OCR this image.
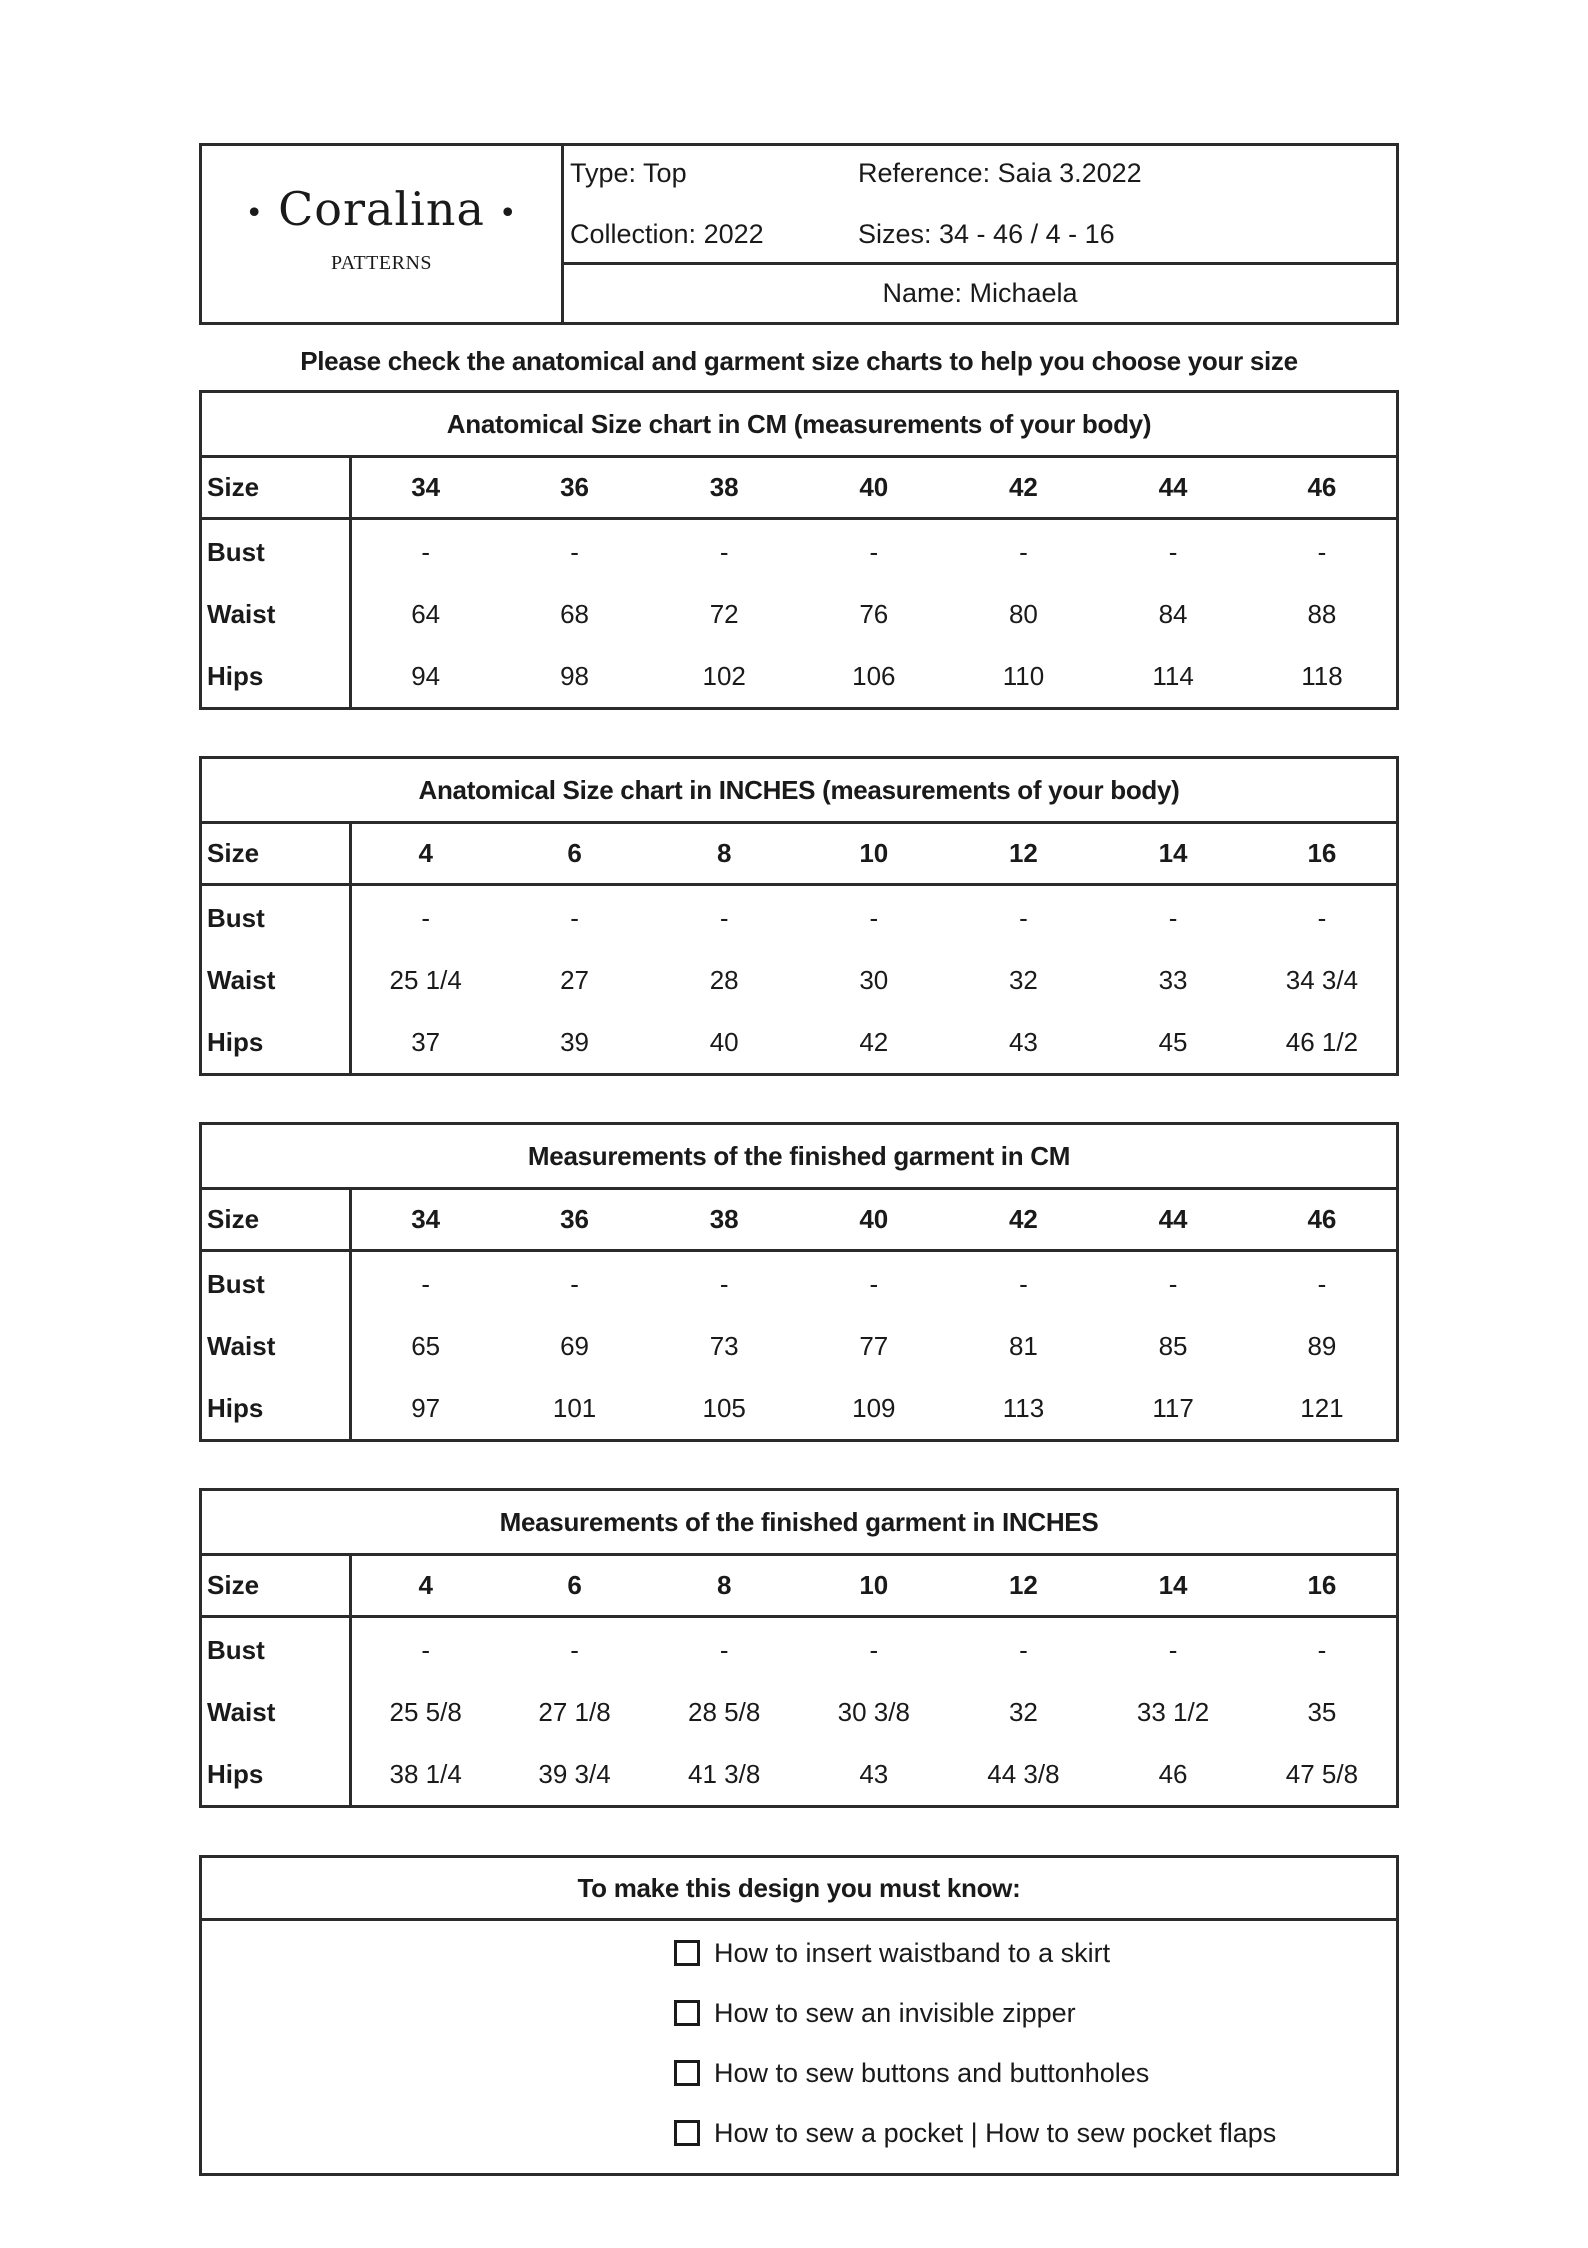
• Coralina •
PATTERNS
Type: Top	Reference: Saia 3.2022
Collection: 2022	Sizes: 34 - 46 / 4 - 16
Name: Michaela
Please check the anatomical and garment size charts to help you choose your size
Anatomical Size chart in CM (measurements of your body)							
Size	34	36	38	40	42	44	46
Bust	-	-	-	-	-	-	-
Waist	64	68	72	76	80	84	88
Hips	94	98	102	106	110	114	118
Anatomical Size chart in INCHES (measurements of your body)							
Size	4	6	8	10	12	14	16
Bust	-	-	-	-	-	-	-
Waist	25 1/4	27	28	30	32	33	34 3/4
Hips	37	39	40	42	43	45	46 1/2
Measurements of the finished garment in CM							
Size	34	36	38	40	42	44	46
Bust	-	-	-	-	-	-	-
Waist	65	69	73	77	81	85	89
Hips	97	101	105	109	113	117	121
Measurements of the finished garment in INCHES							
Size	4	6	8	10	12	14	16
Bust	-	-	-	-	-	-	-
Waist	25 5/8	27 1/8	28 5/8	30 3/8	32	33 1/2	35
Hips	38 1/4	39 3/4	41 3/8	43	44 3/8	46	47 5/8
To make this design you must know:
How to insert waistband to a skirt
How to sew an invisible zipper
How to sew buttons and buttonholes
How to sew a pocket | How to sew pocket flaps
